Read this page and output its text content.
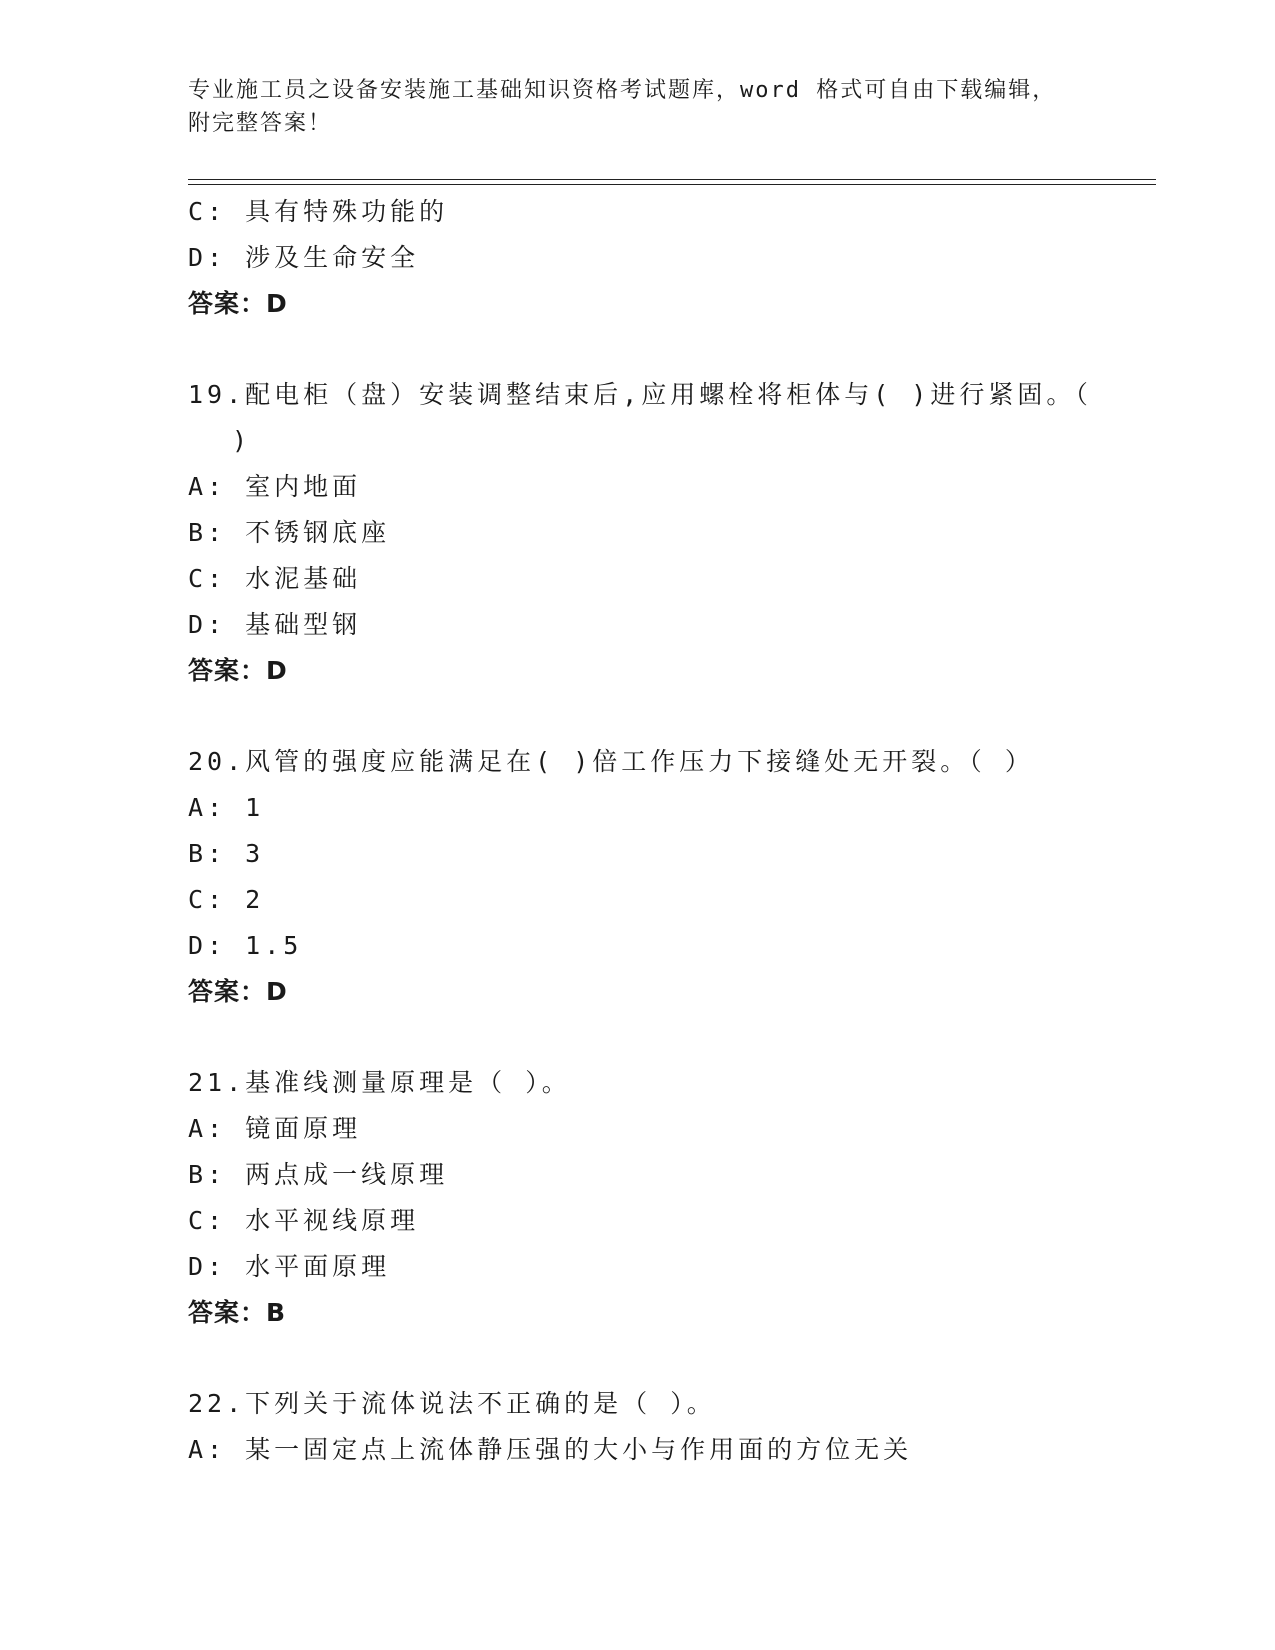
专业施工员之设备安装施工基础知识资格考试题库，word 格式可自由下载编辑，
附完整答案！
C: 具有特殊功能的
D: 涉及生命安全
答案：D
19.配电柜（盘）安装调整结束后,应用螺栓将柜体与( )进行紧固。（
)
A: 室内地面
B: 不锈钢底座
C: 水泥基础
D: 基础型钢
答案：D
20.风管的强度应能满足在( )倍工作压力下接缝处无开裂。（ ）
A: 1
B: 3
C: 2
D: 1.5
答案：D
21.基准线测量原理是（ ）。
A: 镜面原理
B: 两点成一线原理
C: 水平视线原理
D: 水平面原理
答案：B
22.下列关于流体说法不正确的是（ ）。
A: 某一固定点上流体静压强的大小与作用面的方位无关
